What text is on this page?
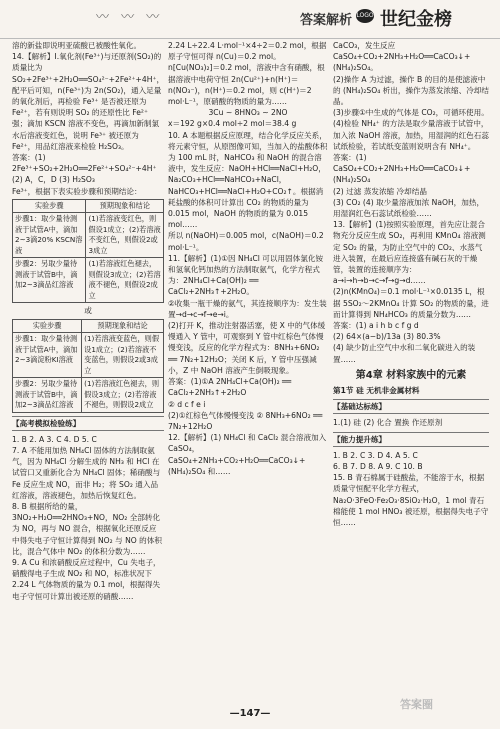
〰 〰 〰	答案解析 LOGO 世纪金榜

溶的新盐即说明亚硫酸已被酸性氧化。

14.【解析】Ⅰ.氧化剂(Fe³⁺)与还原剂(SO₂)的质量比为 SO₂+2Fe³⁺+2H₂O══SO₄²⁻+2Fe²⁺+4H⁺，配平后可知，n(Fe³⁺)为 2n(SO₂)，通入足量的氧化剂后，再检验 Fe³⁺ 是否被还原为 Fe²⁺，若有则说明 SO₂ 的还原性比 Fe²⁺ 强；滴加 KSCN 溶液不变色，再滴加新制氯水后溶液变红色，说明 Fe³⁺ 被还原为 Fe²⁺，用品红溶液来检验 H₂SO₃。

答案：(1) 2Fe³⁺+SO₂+2H₂O══2Fe²⁺+SO₄²⁻+4H⁺

(2) A，C，D (3) H₂SO₃

Fe³⁺，根据下表实验步骤和预期结论：

实验步骤	预期现象和结论
步骤1：取少量待测液于试管A中，滴加2~3滴20% KSCN溶液	(1)若溶液变红色，则假设1成立；(2)若溶液不变红色，则假设2或3成立
步骤2：另取少量待测液于试管B中，滴加2~3滴品红溶液	(1)若溶液红色褪去，则假设3成立；(2)若溶液不褪色，则假设2成立

或

实验步骤	预期现象和结论
步骤1：取少量待测液于试管A中，滴加2~3滴淀粉KI溶液	(1)若溶液变蓝色，则假设1成立；(2)若溶液不变蓝色，则假设2或3成立
步骤2：另取少量待测液于试管B中，滴加2~3滴品红溶液	(1)若溶液红色褪去，则假设3成立；(2)若溶液不褪色，则假设2成立

【高考模拟检验练】

1. B 2. A 3. C 4. D 5. C

7. A 不能用加热 NH₄Cl 固体的方法制取氨气，因为 NH₄Cl 分解生成的 NH₃ 和 HCl 在试管口又重新化合为 NH₄Cl 固体；稀硝酸与 Fe 反应生成 NO，而非 H₂；将 SO₂ 通入品红溶液，溶液褪色，加热后恢复红色。

8. B 根据所给的量，3NO₂+H₂O══2HNO₃+NO，NO₂ 全部转化为 NO，再与 NO 混合，根据氧化还原反应中得失电子守恒计算得到 NO₂ 与 NO 的体积比，混合气体中 NO₂ 的体积分数为……

9. A Cu 和浓硝酸反应过程中，Cu 失电子，硝酸得电子生成 NO₂ 和 NO，标准状况下 2.24 L 气体物质的量为 0.1 mol，根据得失电子守恒可计算出被还原的硝酸……

2.24 L÷22.4 L·mol⁻¹×4÷2＝0.2 mol，根据原子守恒可得 n(Cu)＝0.2 mol。

n[Cu(NO₃)₂]＝0.2 mol，溶液中含有硝酸，根据溶液中电荷守恒 2n(Cu²⁺)+n(H⁺)＝n(NO₃⁻)，n(H⁺)＝0.2 mol，则 c(H⁺)＝2 mol·L⁻¹，原硝酸的物质的量为……

3Cu ~ 8HNO₃ ~ 2NO

x＝192 g×0.4 mol÷2 mol＝38.4 g

10. A 本题根据反应原理，结合化学反应关系，将元素守恒，从原图像可知，当加入的盐酸体积为 100 mL 时，NaHCO₃ 和 NaOH 的混合溶液中，发生反应：NaOH+HCl══NaCl+H₂O，Na₂CO₃+HCl══NaHCO₃+NaCl，NaHCO₃+HCl══NaCl+H₂O+CO₂↑。根据消耗盐酸的体积可计算出 CO₂ 的物质的量为 0.015 mol，NaOH 的物质的量为 0.015 mol……

所以 n(NaOH)＝0.005 mol，c(NaOH)＝0.2 mol·L⁻¹。

11.【解析】(1)①因 NH₄Cl 可以用固体氯化铵和氢氧化钙加热的方法制取氨气，化学方程式为：2NH₄Cl+Ca(OH)₂ ══ CaCl₂+2NH₃↑+2H₂O。

②收集一瓶干燥的氨气，其连接顺序为：发生装置→d→c→f→e→i。

(2)打开 K，推动注射器活塞，使 X 中的气体缓慢通入 Y 管中，可观察到 Y 管中红棕色气体慢慢变浅，反应的化学方程式为：8NH₃+6NO₂ ══ 7N₂+12H₂O；关闭 K 后，Y 管中压强减小，Z 中 NaOH 溶液产生倒吸现象。

答案：(1)①A 2NH₄Cl+Ca(OH)₂ ══ CaCl₂+2NH₃↑+2H₂O

② d c f e i

(2)①红棕色气体慢慢变浅 ② 8NH₃+6NO₂ ══ 7N₂+12H₂O

12.【解析】(1) NH₄Cl 和 CaCl₂ 混合溶液加入 CaSO₄，CaSO₄+2NH₃+CO₂+H₂O══CaCO₃↓+(NH₄)₂SO₄ 和……

CaCO₃，发生反应 CaSO₄+CO₂+2NH₃+H₂O══CaCO₃↓+(NH₄)₂SO₄。

(2)操作 A 为过滤，操作 B 的目的是使滤液中的 (NH₄)₂SO₄ 析出，操作为蒸发浓缩、冷却结晶。

(3)步骤①中生成的气体是 CO₂，可循环使用。

(4)检验 NH₄⁺ 的方法是取少量溶液于试管中，加入浓 NaOH 溶液，加热，用湿润的红色石蕊试纸检验，若试纸变蓝则说明含有 NH₄⁺。

答案：(1) CaSO₄+CO₂+2NH₃+H₂O══CaCO₃↓+(NH₄)₂SO₄

(2) 过滤 蒸发浓缩 冷却结晶

(3) CO₂ (4) 取少量溶液加浓 NaOH，加热，用湿润红色石蕊试纸检验……

13.【解析】(1)按照实验原理，首先应让混合物充分反应生成 SO₂，再利用 KMnO₄ 溶液测定 SO₂ 的量，为防止空气中的 CO₂、水蒸气进入装置，在最后应连接盛有碱石灰的干燥管，装置的连接顺序为：a→i→h→b→c→f→g→d……

(2)n(KMnO₄)＝0.1 mol·L⁻¹×0.0135 L，根据 5SO₂～2KMnO₄ 计算 SO₂ 的物质的量，进而计算得到 NH₄HCO₃ 的质量分数为……

答案：(1) a i h b c f g d

(2) 64×(a−b)/13a (3) 80.3%

(4) 缺少防止空气中水和二氧化碳进入的装置……

第4章 材料家族中的元素

第1节 硅 无机非金属材料

【基础达标练】

1.(1) 硅 (2) 化合 置换 作还原剂

【能力提升练】

1. B 2. C 3. D 4. A 5. C

6. B 7. D 8. A 9. C 10. B

15. B 青石棉属于硅酸盐，不能溶于水，根据质量守恒配平化学方程式，Na₂O·3FeO·Fe₂O₃·8SiO₂·H₂O，1 mol 青石棉能使 1 mol HNO₃ 被还原，根据得失电子守恒……

—147—
答案圈
